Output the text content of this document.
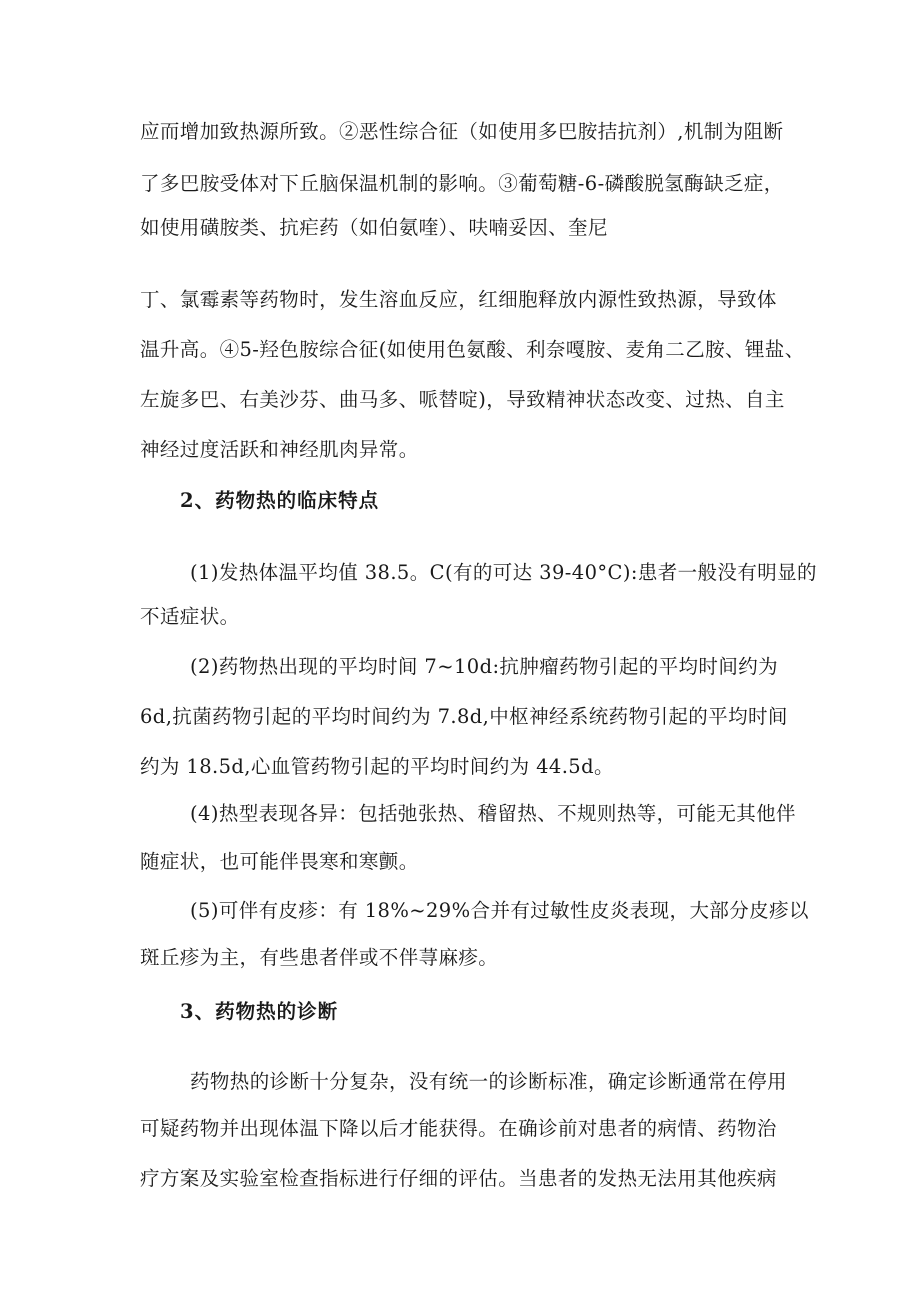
应而增加致热源所致。②恶性综合征（如使用多巴胺拮抗剂）,机制为阻断
了多巴胺受体对下丘脑保温机制的影响。③葡萄糖-6-磷酸脱氢酶缺乏症，
如使用磺胺类、抗疟药（如伯氨喹）、呋喃妥因、奎尼
丁、氯霉素等药物时，发生溶血反应，红细胞释放内源性致热源，导致体
温升高。④5-羟色胺综合征(如使用色氨酸、利奈嘎胺、麦角二乙胺、锂盐、
左旋多巴、右美沙芬、曲马多、哌替啶)，导致精神状态改变、过热、自主
神经过度活跃和神经肌肉异常。
2、药物热的临床特点
(1)发热体温平均值 38.5。C(有的可达 39-40°C):患者一般没有明显的
不适症状。
(2)药物热出现的平均时间 7~10d:抗肿瘤药物引起的平均时间约为
6d,抗菌药物引起的平均时间约为 7.8d,中枢神经系统药物引起的平均时间
约为 18.5d,心血管药物引起的平均时间约为 44.5d。
(4)热型表现各异：包括弛张热、稽留热、不规则热等，可能无其他伴
随症状，也可能伴畏寒和寒颤。
(5)可伴有皮疹：有 18%~29%合并有过敏性皮炎表现，大部分皮疹以
斑丘疹为主，有些患者伴或不伴荨麻疹。
3、药物热的诊断
药物热的诊断十分复杂，没有统一的诊断标准，确定诊断通常在停用
可疑药物并出现体温下降以后才能获得。在确诊前对患者的病情、药物治
疗方案及实验室检查指标进行仔细的评估。当患者的发热无法用其他疾病
